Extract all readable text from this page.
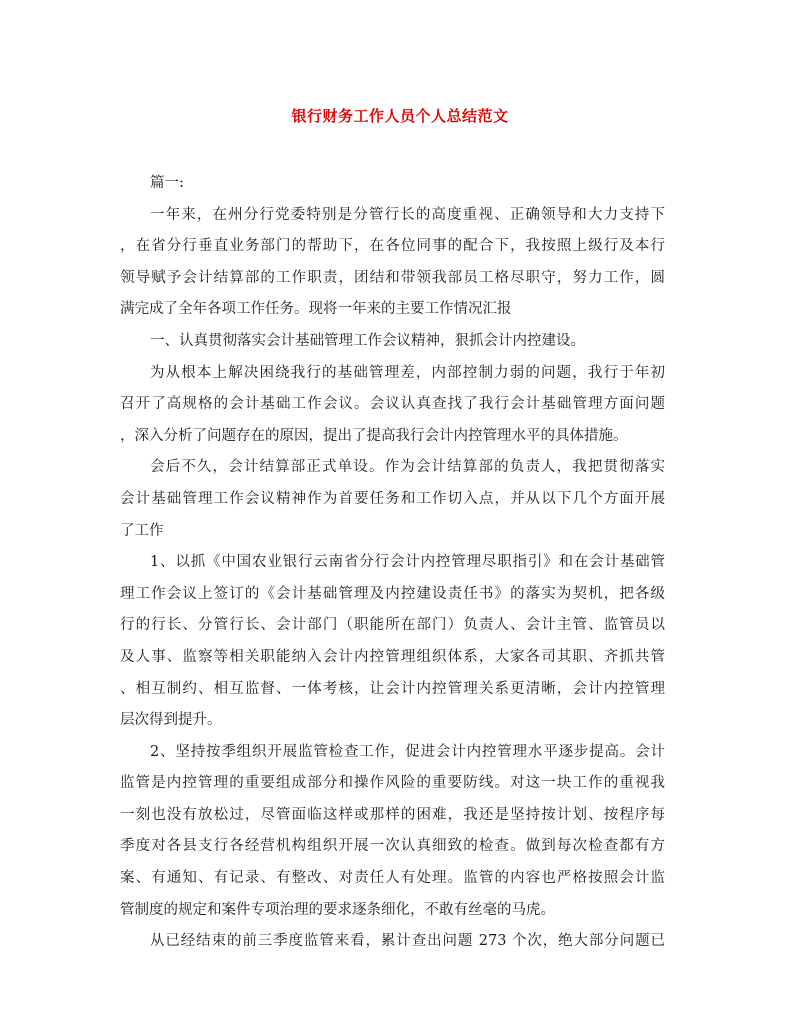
银行财务工作人员个人总结范文
篇一:
一年来，在州分行党委特别是分管行长的高度重视、正确领导和大力支持下
，在省分行垂直业务部门的帮助下，在各位同事的配合下，我按照上级行及本行
领导赋予会计结算部的工作职责，团结和带领我部员工格尽职守，努力工作，圆
满完成了全年各项工作任务。现将一年来的主要工作情况汇报
一、认真贯彻落实会计基础管理工作会议精神，狠抓会计内控建设。
为从根本上解决困绕我行的基础管理差，内部控制力弱的问题，我行于年初
召开了高规格的会计基础工作会议。会议认真查找了我行会计基础管理方面问题
，深入分析了问题存在的原因，提出了提高我行会计内控管理水平的具体措施。
会后不久，会计结算部正式单设。作为会计结算部的负责人，我把贯彻落实
会计基础管理工作会议精神作为首要任务和工作切入点，并从以下几个方面开展
了工作
1、以抓《中国农业银行云南省分行会计内控管理尽职指引》和在会计基础管
理工作会议上签订的《会计基础管理及内控建设责任书》的落实为契机，把各级
行的行长、分管行长、会计部门（职能所在部门）负责人、会计主管、监管员以
及人事、监察等相关职能纳入会计内控管理组织体系，大家各司其职、齐抓共管
、相互制约、相互监督、一体考核，让会计内控管理关系更清晰，会计内控管理
层次得到提升。
2、坚持按季组织开展监管检查工作，促进会计内控管理水平逐步提高。会计
监管是内控管理的重要组成部分和操作风险的重要防线。对这一块工作的重视我
一刻也没有放松过，尽管面临这样或那样的困难，我还是坚持按计划、按程序每
季度对各县支行各经营机构组织开展一次认真细致的检查。做到每次检查都有方
案、有通知、有记录、有整改、对责任人有处理。监管的内容也严格按照会计监
管制度的规定和案件专项治理的要求逐条细化，不敢有丝毫的马虎。
从已经结束的前三季度监管来看，累计查出问题 273 个次，绝大部分问题已
